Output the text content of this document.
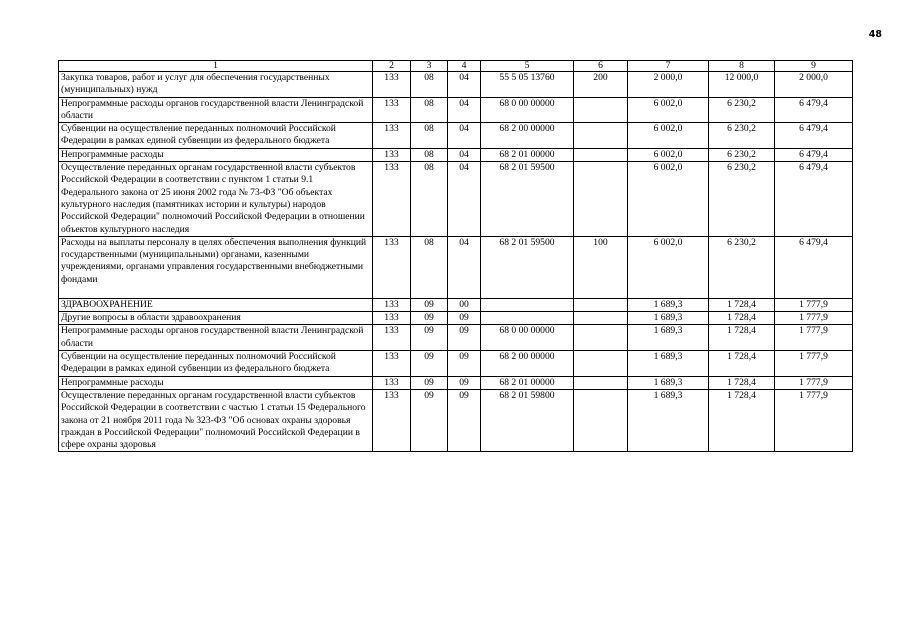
48
1	2	3	4	5	6	7	8	9
Закупка товаров, работ и услуг для обеспечения государственных (муниципальных) нужд	133	08	04	55 5 05 13760	200	2 000,0	12 000,0	2 000,0
Непрограммные расходы органов государственной власти Ленинградской области	133	08	04	68 0 00 00000		6 002,0	6 230,2	6 479,4
Субвенции на осуществление переданных полномочий Российской Федерации в рамках единой субвенции из федерального бюджета	133	08	04	68 2 00 00000		6 002,0	6 230,2	6 479,4
Непрограммные расходы	133	08	04	68 2 01 00000		6 002,0	6 230,2	6 479,4
Осуществление переданных органам государственной власти субъектов Российской Федерации в соответствии с пунктом 1 статьи 9.1 Федерального закона от 25 июня 2002 года № 73-ФЗ "Об объектах культурного наследия (памятниках истории и культуры) народов Российской Федерации" полномочий Российской Федерации в отношении объектов культурного наследия	133	08	04	68 2 01 59500		6 002,0	6 230,2	6 479,4
Расходы на выплаты персоналу в целях обеспечения выполнения функций государственными (муниципальными) органами, казенными учреждениями, органами управления государственными внебюджетными фондами	133	08	04	68 2 01 59500	100	6 002,0	6 230,2	6 479,4
ЗДРАВООХРАНЕНИЕ	133	09	00			1 689,3	1 728,4	1 777,9
Другие вопросы в области здравоохранения	133	09	09			1 689,3	1 728,4	1 777,9
Непрограммные расходы органов государственной власти Ленинградской области	133	09	09	68 0 00 00000		1 689,3	1 728,4	1 777,9
Субвенции на осуществление переданных полномочий Российской Федерации в рамках единой субвенции из федерального бюджета	133	09	09	68 2 00 00000		1 689,3	1 728,4	1 777,9
Непрограммные расходы	133	09	09	68 2 01 00000		1 689,3	1 728,4	1 777,9
Осуществление переданных органам государственной власти субъектов Российской Федерации в соответствии с частью 1 статьи 15 Федерального закона от 21 ноября 2011 года № 323-ФЗ "Об основах охраны здоровья граждан в Российской Федерации" полномочий Российской Федерации в сфере охраны здоровья	133	09	09	68 2 01 59800		1 689,3	1 728,4	1 777,9
